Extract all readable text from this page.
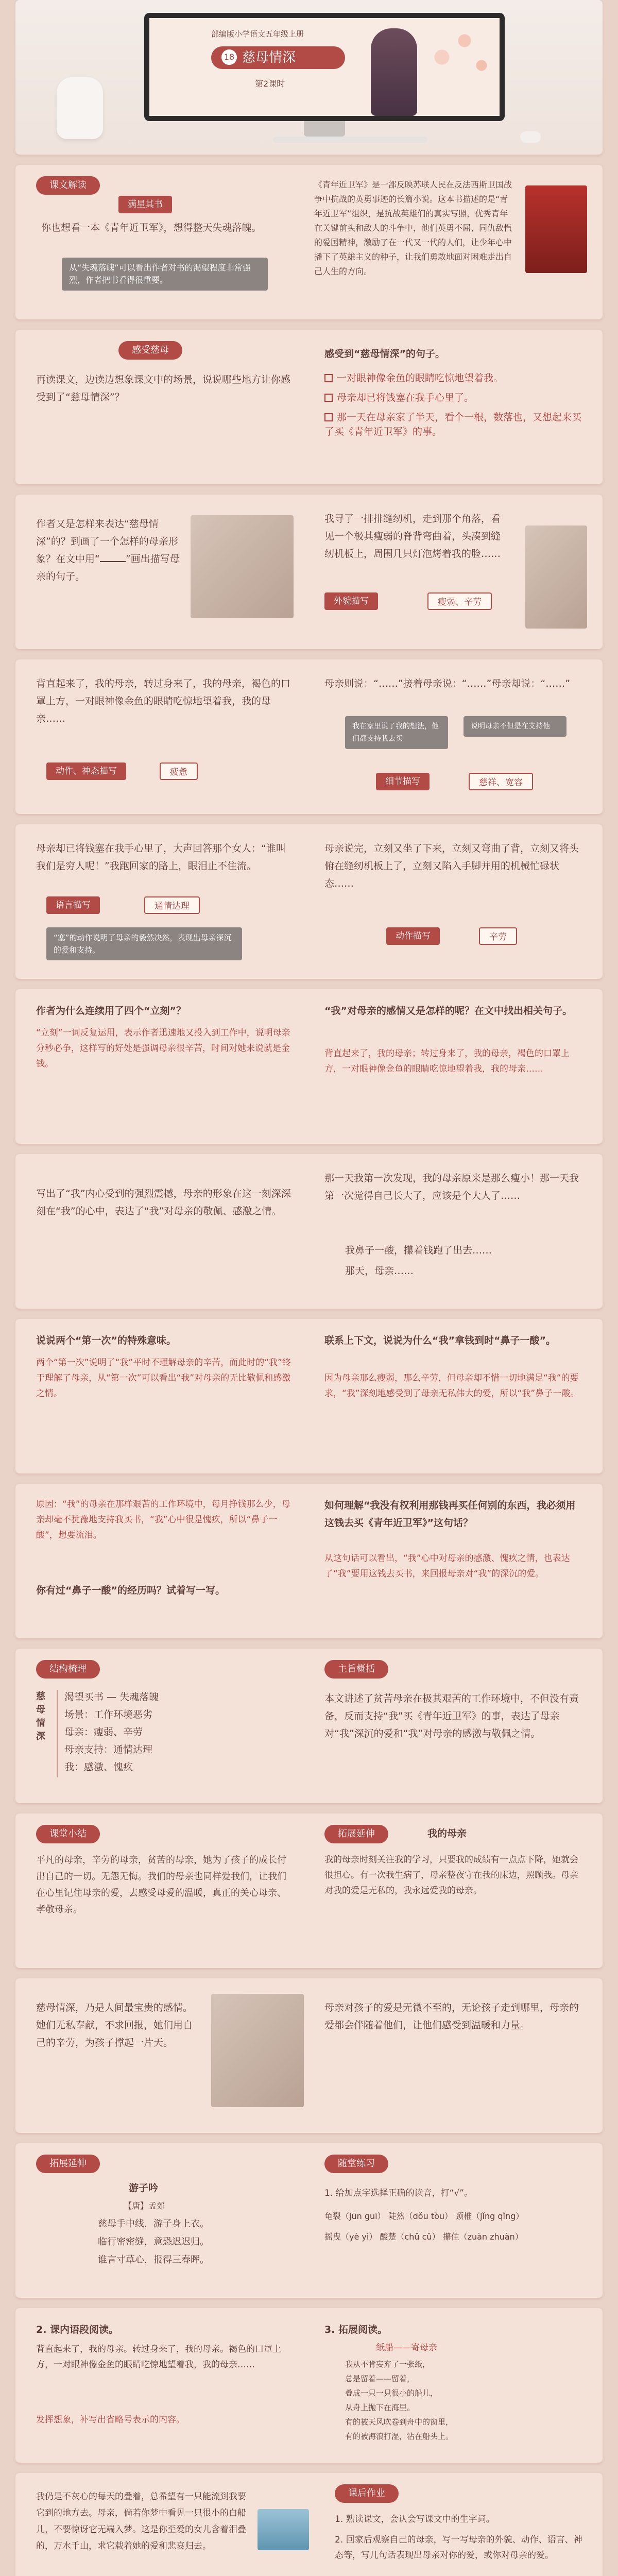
部编版小学语文五年级上册
18 慈母情深
第2课时
课文解读
满星其书
你也想看一本《青年近卫军》，想得整天失魂落魄。
从“失魂落魄”可以看出作者对书的渴望程度非常强烈，作者把书看得很重要。
《青年近卫军》是一部反映苏联人民在反法西斯卫国战争中抗战的英勇事迹的长篇小说。这本书描述的是“青年近卫军”组织，是抗战英雄们的真实写照，优秀青年在关键前头和敌人的斗争中，他们英勇不屈、同仇敌忾的爱国精神，激励了在一代又一代的人们，让少年心中播下了英雄主义的种子，让我们勇敢地面对困难走出自己人生的方向。
感受慈母
再读课文，边读边想象课文中的场景，说说哪些地方让你感受到了“慈母情深”？
感受到“慈母情深”的句子。
一对眼神像金鱼的眼睛吃惊地望着我。
母亲却已将钱塞在我手心里了。
那一天在母亲家了半天，看个一根，数落也，又想起来买了买《青年近卫军》的事。
作者又是怎样来表达“慈母情深”的？到画了一个怎样的母亲形象？在文中用“	”画出描写母亲的句子。
我寻了一排排缝纫机，走到那个角落，看见一个极其瘦弱的脊背弯曲着，头凑到缝纫机板上，周围几只灯泡烤着我的脸……
外貌描写	瘦弱、辛劳
背直起来了，我的母亲，转过身来了，我的母亲，褐色的口罩上方，一对眼神像金鱼的眼睛吃惊地望着我，我的母亲……
动作、神态描写	疲惫
母亲则说：“……”接着母亲说：“……”母亲却说：“……”
我在家里说了我的想法，他们都支持我去买
说明母亲不但是在支持他
细节描写	慈祥、宽容
母亲却已将钱塞在我手心里了，大声回答那个女人：“谁叫我们是穷人呢！”我跑回家的路上，眼泪止不住流。
语言描写	通情达理
“塞”的动作说明了母亲的毅然决然，表现出母亲深沉的爱和支持。
母亲说完，立刻又坐了下来，立刻又弯曲了背，立刻又将头俯在缝纫机板上了，立刻又陷入手脚并用的机械忙碌状态……
动作描写	辛劳
作者为什么连续用了四个“立刻”？
“立刻”一词反复运用，表示作者迅速地又投入到工作中，说明母亲分秒必争，这样写的好处是强调母亲很辛苦，时间对她来说就是金钱。
“我”对母亲的感情又是怎样的呢？在文中找出相关句子。
背直起来了，我的母亲；转过身来了，我的母亲，褐色的口罩上方，一对眼神像金鱼的眼睛吃惊地望着我，我的母亲……
写出了“我”内心受到的强烈震撼，母亲的形象在这一刻深深刻在“我”的心中，表达了“我”对母亲的敬佩、感激之情。
那一天我第一次发现，我的母亲原来是那么瘦小！那一天我第一次觉得自己长大了，应该是个大人了……
我鼻子一酸，攥着钱跑了出去……
那天，母亲……
说说两个“第一次”的特殊意味。
两个“第一次”说明了“我”平时不理解母亲的辛苦，而此时的“我”终于理解了母亲，从“第一次”可以看出“我”对母亲的无比敬佩和感激之情。
联系上下文，说说为什么“我”拿钱到时“鼻子一酸”。
因为母亲那么瘦弱，那么辛劳，但母亲却不惜一切地满足“我”的要求，“我”深刻地感受到了母亲无私伟大的爱，所以“我”鼻子一酸。
原因：“我”的母亲在那样艰苦的工作环境中，每月挣钱那么少，母亲却毫不犹豫地支持我买书，“我”心中很是愧疚，所以“鼻子一酸”，想要流泪。
你有过“鼻子一酸”的经历吗？试着写一写。
如何理解“我没有权利用那钱再买任何别的东西，我必须用这钱去买《青年近卫军》”这句话？
从这句话可以看出，“我”心中对母亲的感激、愧疚之情，也表达了“我”要用这钱去买书，来回报母亲对“我”的深沉的爱。
结构梳理
慈母情深
渴望买书 — 失魂落魄
场景：工作环境恶劣
母亲：瘦弱、辛劳
母亲支持：通情达理
我：感激、愧疚
主旨概括
本文讲述了贫苦母亲在极其艰苦的工作环境中，不但没有责备，反而支持“我”买《青年近卫军》的事，表达了母亲对“我”深沉的爱和“我”对母亲的感激与敬佩之情。
课堂小结
平凡的母亲，辛劳的母亲，贫苦的母亲，她为了孩子的成长付出自己的一切。无怨无悔。我们的母亲也同样爱我们，让我们在心里记住母亲的爱，去感受母爱的温暖，真正的关心母亲、孝敬母亲。
拓展延伸	我的母亲
我的母亲时刻关注我的学习，只要我的成绩有一点点下降，她就会很担心。有一次我生病了，母亲整夜守在我的床边，照顾我。母亲对我的爱是无私的，我永远爱我的母亲。
慈母情深，乃是人间最宝贵的感情。她们无私奉献，不求回报，她们用自己的辛劳，为孩子撑起一片天。
母亲对孩子的爱是无微不至的，无论孩子走到哪里，母亲的爱都会伴随着他们，让他们感受到温暖和力量。
拓展延伸
游子吟
【唐】孟郊
慈母手中线，游子身上衣。
临行密密缝，意恐迟迟归。
谁言寸草心，报得三春晖。
随堂练习
1. 给加点字选择正确的读音，打“√”。
龟裂（jūn guī） 陡然（dǒu tòu） 颈椎（jǐng qǐng）
摇曳（yè yì） 酸楚（chǔ cǔ） 攥住（zuàn zhuàn）
2. 课内语段阅读。
背直起来了，我的母亲。转过身来了，我的母亲。褐色的口罩上方，一对眼神像金鱼的眼睛吃惊地望着我，我的母亲……
发挥想象，补写出省略号表示的内容。
3. 拓展阅读。
纸船——寄母亲
我从不肯妄弃了一张纸，
总是留着——留着，
叠成一只一只很小的船儿，
从舟上抛下在海里。
有的被天风吹卷到舟中的窗里，
有的被海浪打湿，沾在船头上。
我仍是不灰心的每天的叠着，总希望有一只能流到我要它到的地方去。母亲，倘若你梦中看见一只很小的白船儿，不要惊讶它无端入梦。这是你至爱的女儿含着泪叠的，万水千山，求它载着她的爱和悲哀归去。
课后作业
1. 熟读课文，会认会写课文中的生字词。
2. 回家后观察自己的母亲，写一写母亲的外貌、动作、语言、神态等，写几句话表现出母亲对你的爱，或你对母亲的爱。
